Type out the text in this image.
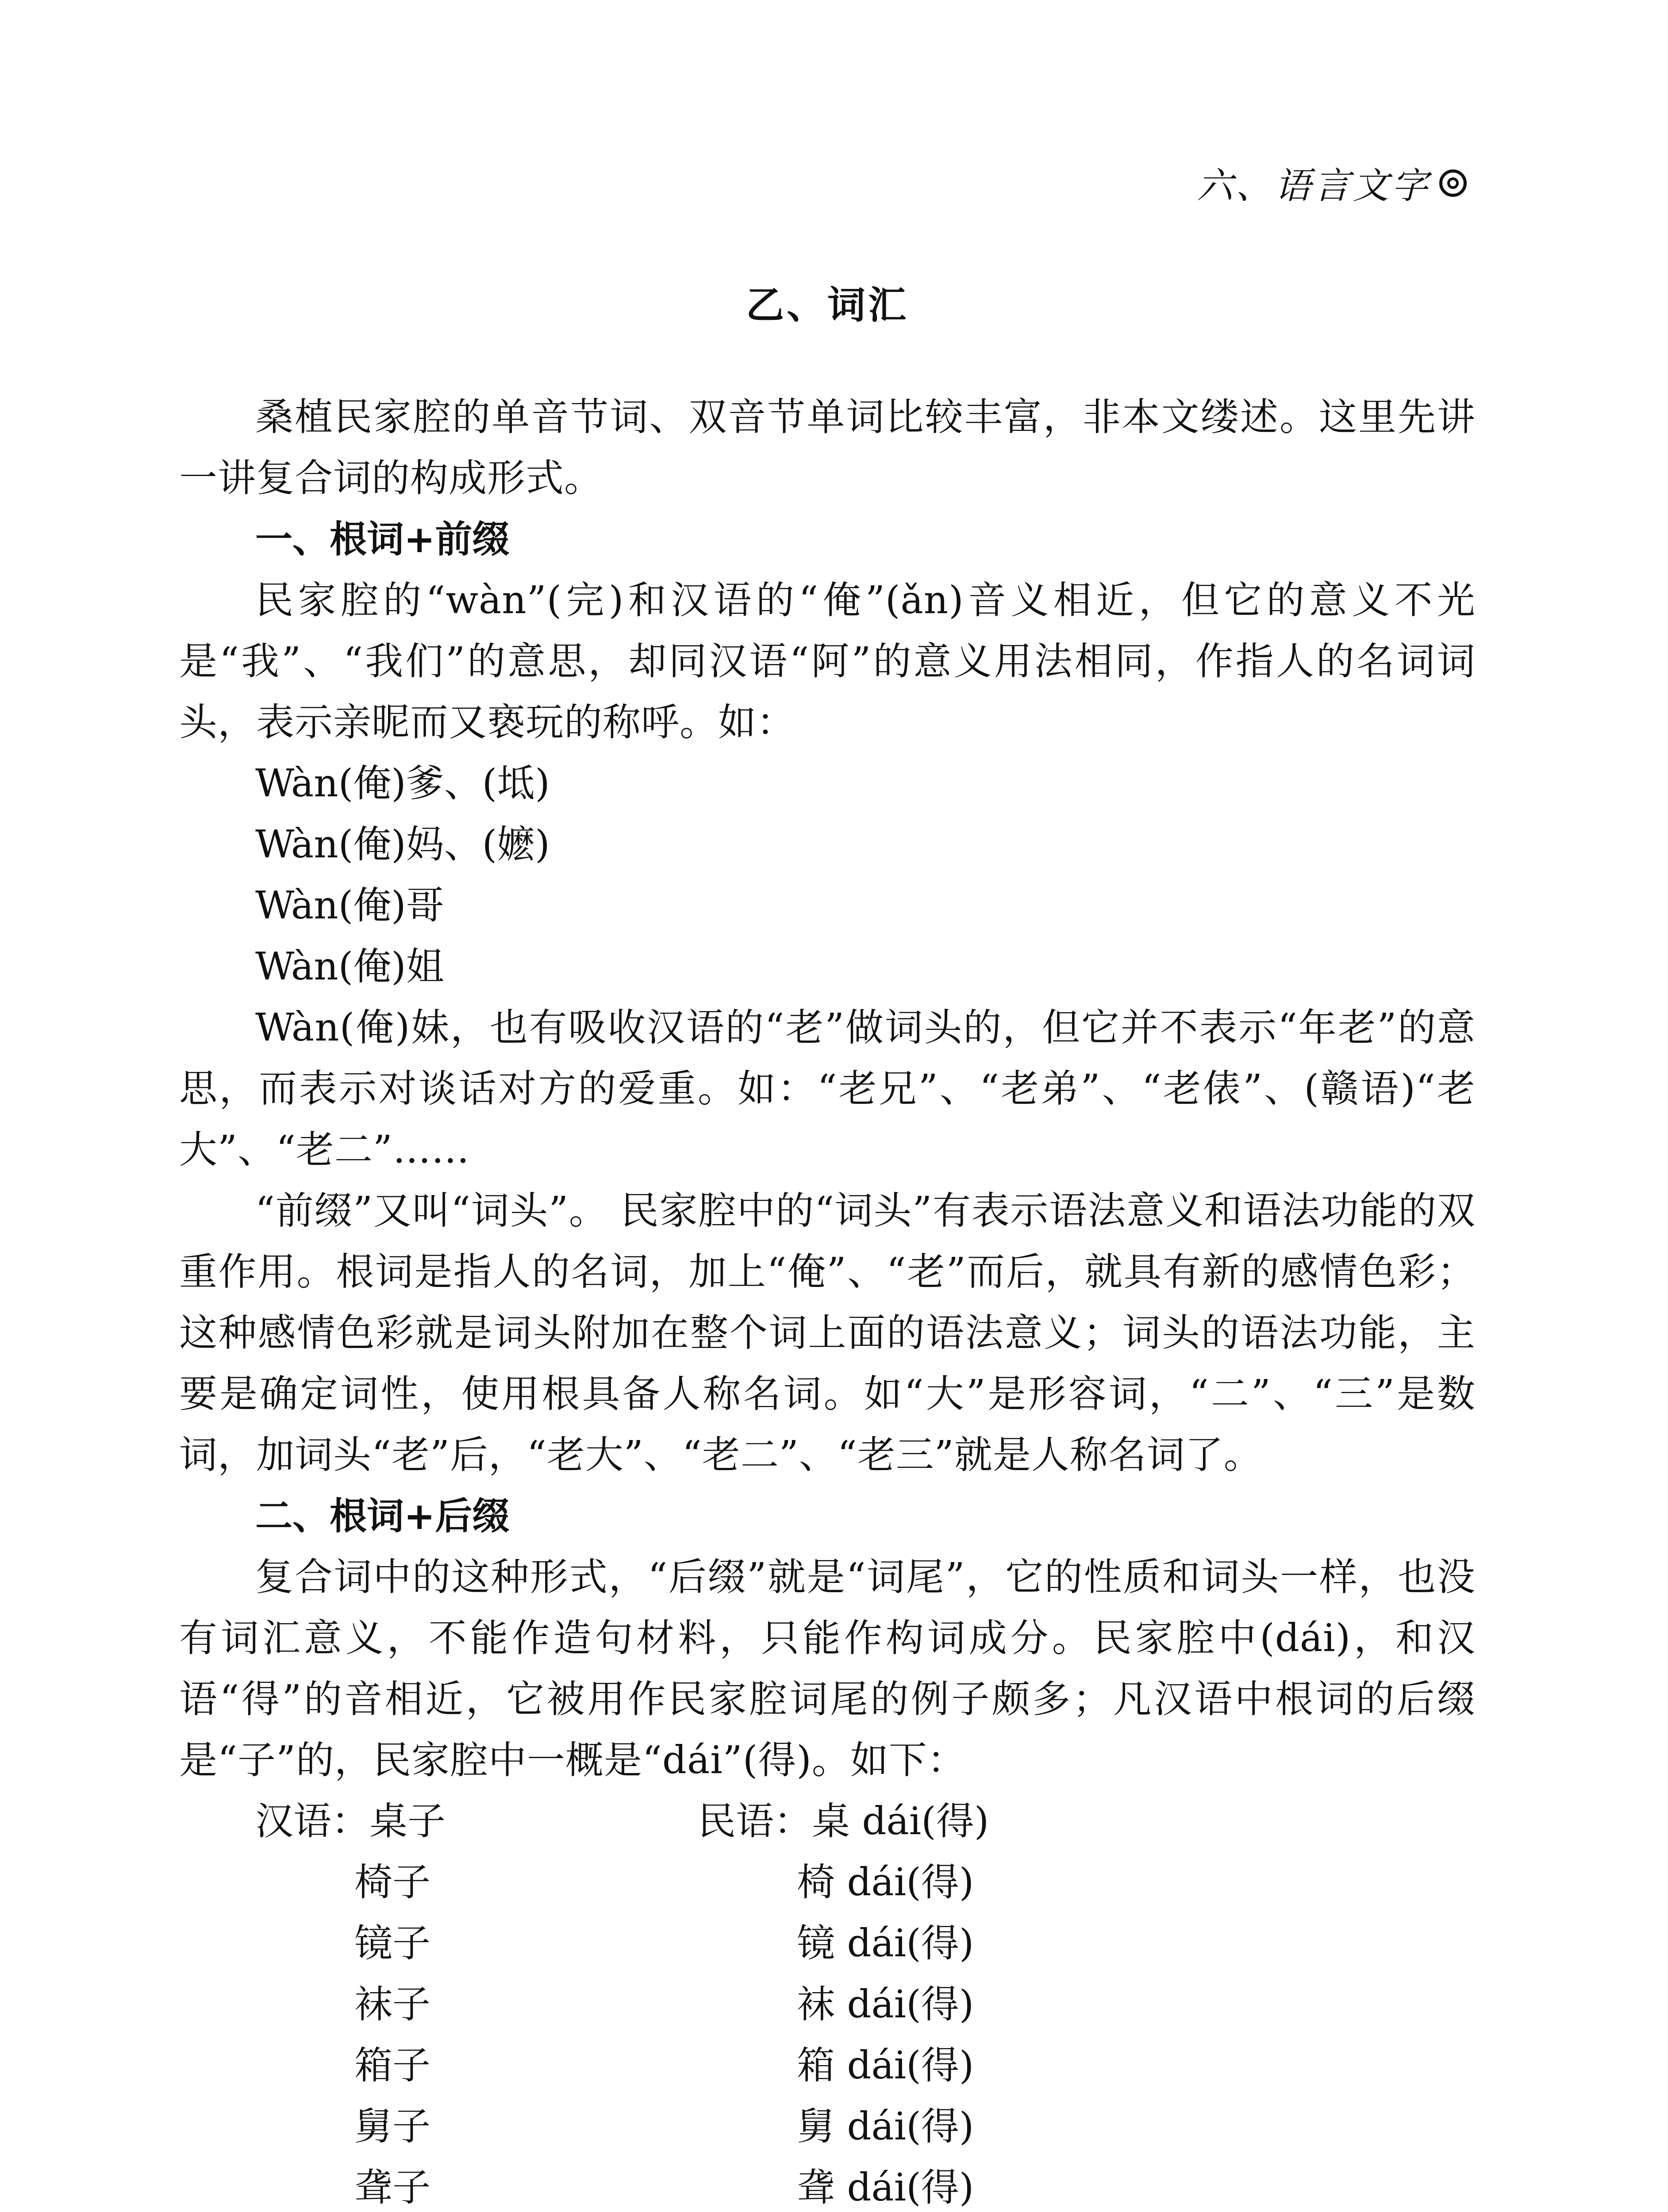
六、语言文字
乙、词汇

桑植民家腔的单音节词、双音节单词比较丰富，非本文缕述。这里先讲一讲复合词的构成形式。

一、根词+前缀

民家腔的“wàn”(完)和汉语的“俺”(ǎn)音义相近，但它的意义不光是“我”、“我们”的意思，却同汉语“阿”的意义用法相同，作指人的名词词头，表示亲昵而又亵玩的称呼。如：

Wàn(俺)爹、(坻)

Wàn(俺)妈、(嬷)

Wàn(俺)哥

Wàn(俺)姐

Wàn(俺)妹，也有吸收汉语的“老”做词头的，但它并不表示“年老”的意思，而表示对谈话对方的爱重。如：“老兄”、“老弟”、“老俵”、(赣语)“老大”、“老二”……

“前缀”又叫“词头”。 民家腔中的“词头”有表示语法意义和语法功能的双重作用。根词是指人的名词，加上“俺”、“老”而后，就具有新的感情色彩；这种感情色彩就是词头附加在整个词上面的语法意义；词头的语法功能，主要是确定词性，使用根具备人称名词。如“大”是形容词，“二”、“三”是数词，加词头“老”后，“老大”、“老二”、“老三”就是人称名词了。

二、根词+后缀

复合词中的这种形式，“后缀”就是“词尾”，它的性质和词头一样，也没有词汇意义，不能作造句材料，只能作构词成分。民家腔中(dái)，和汉语“得”的音相近，它被用作民家腔词尾的例子颇多；凡汉语中根词的后缀是“子”的，民家腔中一概是“dái”(得)。如下：

汉语：桌子	民语：桌 dái(得)
椅子	椅 dái(得)
镜子	镜 dái(得)
袜子	袜 dái(得)
箱子	箱 dái(得)
舅子	舅 dái(得)
聋子	聋 dái(得)
